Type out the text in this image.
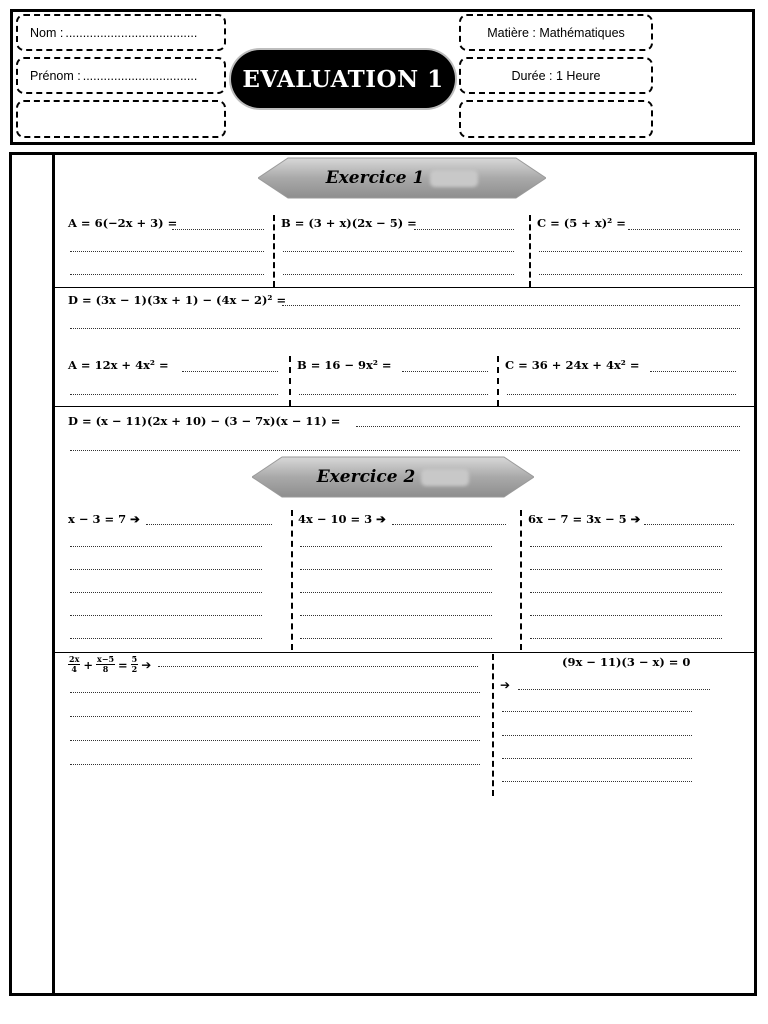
Nom : ......................................
Prénom : .................................	EVALUATION 1
Matière : Mathématiques
Durée : 1 Heure
Exercice 1
A = 6(−2x + 3) =	B = (3 + x)(2x − 5) =	C = (5 + x)² =
D = (3x − 1)(3x + 1) − (4x − 2)² =
A = 12x + 4x² =	B = 16 − 9x² =	C = 36 + 24x + 4x² =
D = (x − 11)(2x + 10) − (3 − 7x)(x − 11) =
Exercice 2
x − 3 = 7 ➔	4x − 10 = 3 ➔	6x − 7 = 3x − 5 ➔
$\frac{2x}{4} + \frac{x-5}{8} = \frac{5}{2}$ ➔	(9x − 11)(3 − x) = 0
➔
